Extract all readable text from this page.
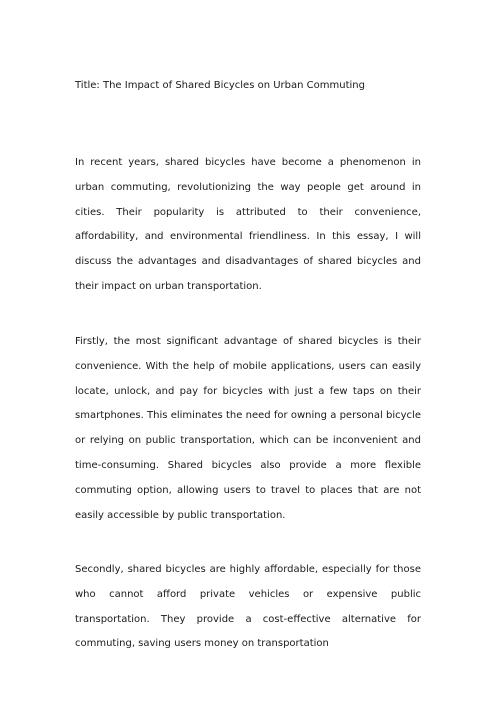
Title: The Impact of Shared Bicycles on Urban Commuting

In recent years, shared bicycles have become a phenomenon in urban commuting, revolutionizing the way people get around in cities. Their popularity is attributed to their convenience, affordability, and environmental friendliness. In this essay, I will discuss the advantages and disadvantages of shared bicycles and their impact on urban transportation.

Firstly, the most significant advantage of shared bicycles is their convenience. With the help of mobile applications, users can easily locate, unlock, and pay for bicycles with just a few taps on their smartphones. This eliminates the need for owning a personal bicycle or relying on public transportation, which can be inconvenient and time-consuming. Shared bicycles also provide a more flexible commuting option, allowing users to travel to places that are not easily accessible by public transportation.

Secondly, shared bicycles are highly affordable, especially for those who cannot afford private vehicles or expensive public transportation. They provide a cost-effective alternative for commuting, saving users money on transportation
